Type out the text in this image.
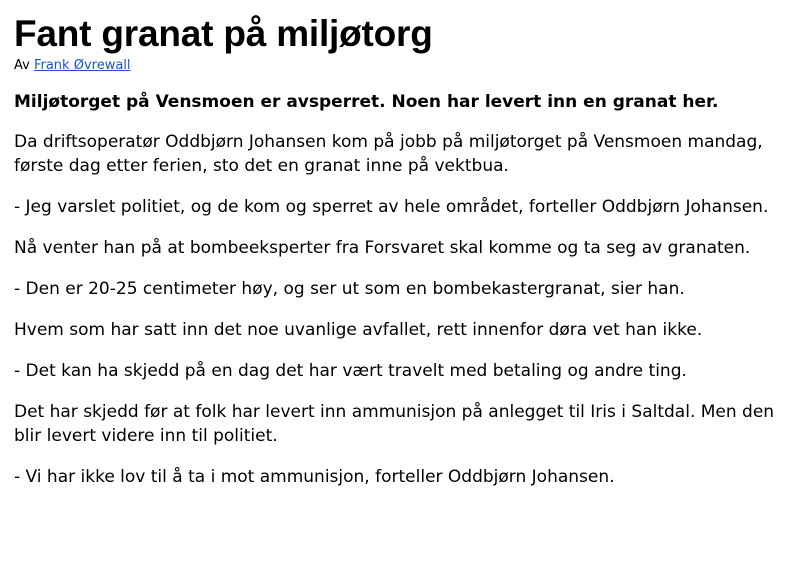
Fant granat på miljøtorg
Av Frank Øvrewall

Miljøtorget på Vensmoen er avsperret. Noen har levert inn en granat her.

Da driftsoperatør Oddbjørn Johansen kom på jobb på miljøtorget på Vensmoen mandag, første dag etter ferien, sto det en granat inne på vektbua.

- Jeg varslet politiet, og de kom og sperret av hele området, forteller Oddbjørn Johansen.

Nå venter han på at bombeeksperter fra Forsvaret skal komme og ta seg av granaten.

- Den er 20-25 centimeter høy, og ser ut som en bombekastergranat, sier han.

Hvem som har satt inn det noe uvanlige avfallet, rett innenfor døra vet han ikke.

- Det kan ha skjedd på en dag det har vært travelt med betaling og andre ting.

Det har skjedd før at folk har levert inn ammunisjon på anlegget til Iris i Saltdal. Men den blir levert videre inn til politiet.

- Vi har ikke lov til å ta i mot ammunisjon, forteller Oddbjørn Johansen.
